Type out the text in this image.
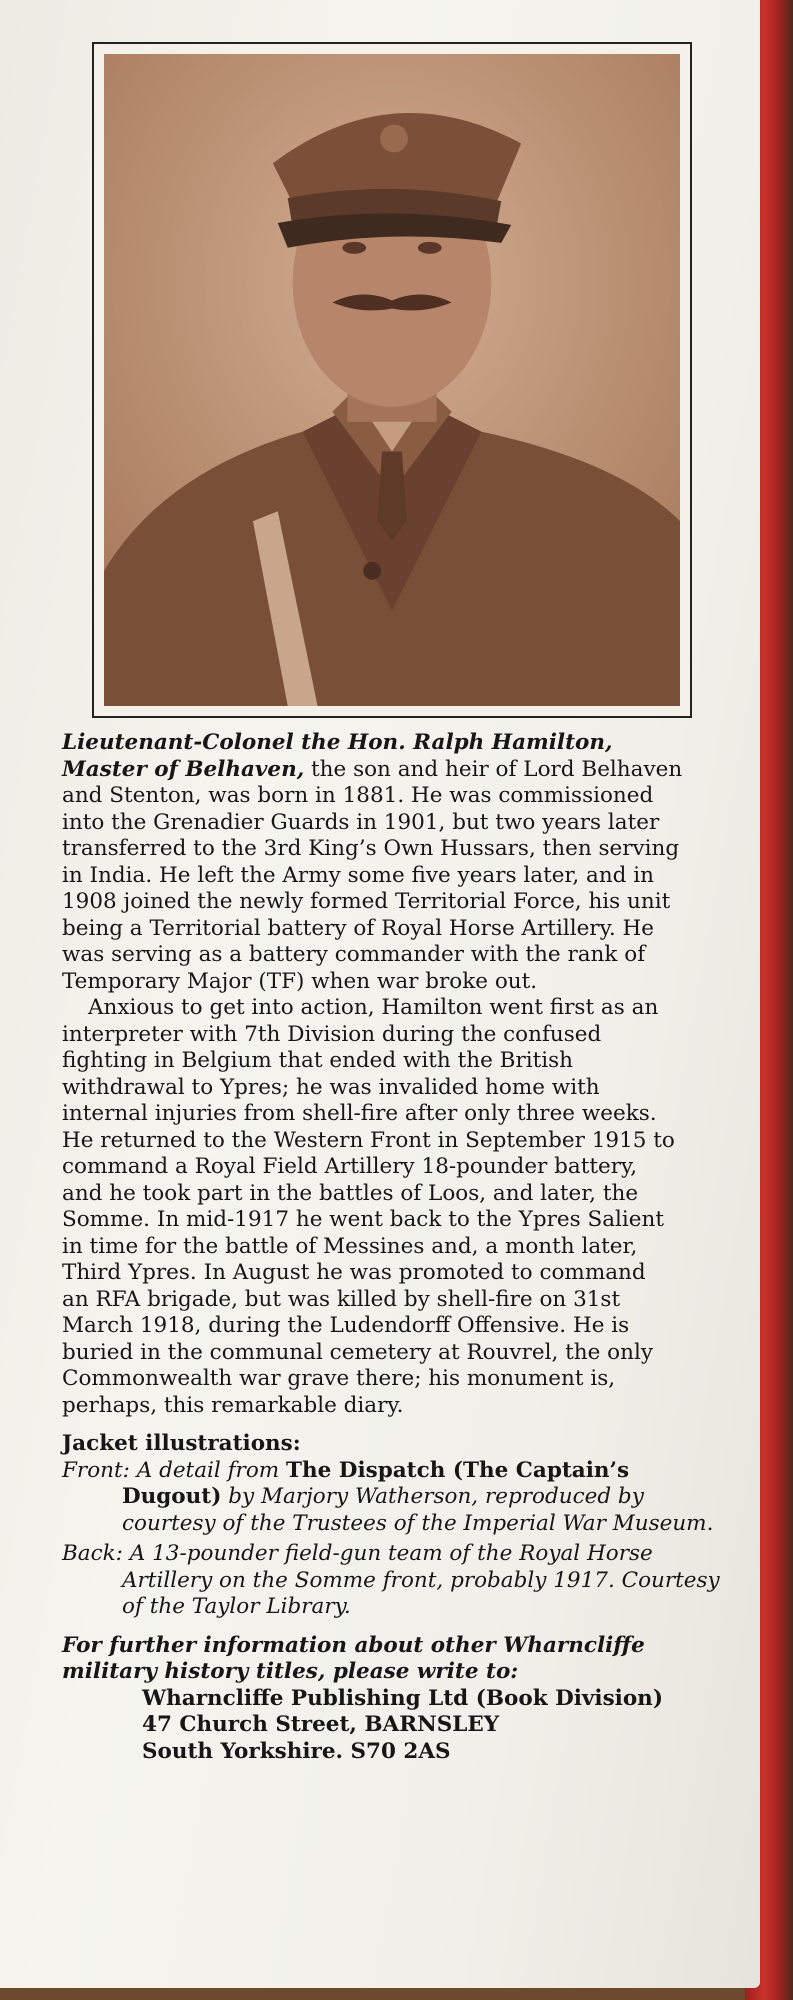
Lieutenant-Colonel the Hon. Ralph Hamilton,
Master of Belhaven, the son and heir of Lord Belhaven
and Stenton, was born in 1881. He was commissioned
into the Grenadier Guards in 1901, but two years later
transferred to the 3rd King’s Own Hussars, then serving
in India. He left the Army some five years later, and in
1908 joined the newly formed Territorial Force, his unit
being a Territorial battery of Royal Horse Artillery. He
was serving as a battery commander with the rank of
Temporary Major (TF) when war broke out.
Anxious to get into action, Hamilton went first as an
interpreter with 7th Division during the confused
fighting in Belgium that ended with the British
withdrawal to Ypres; he was invalided home with
internal injuries from shell-fire after only three weeks.
He returned to the Western Front in September 1915 to
command a Royal Field Artillery 18-pounder battery,
and he took part in the battles of Loos, and later, the
Somme. In mid-1917 he went back to the Ypres Salient
in time for the battle of Messines and, a month later,
Third Ypres. In August he was promoted to command
an RFA brigade, but was killed by shell-fire on 31st
March 1918, during the Ludendorff Offensive. He is
buried in the communal cemetery at Rouvrel, the only
Commonwealth war grave there; his monument is,
perhaps, this remarkable diary.
Jacket illustrations:
Front: A detail from The Dispatch (The Captain’s
Dugout) by Marjory Watherson, reproduced by
courtesy of the Trustees of the Imperial War Museum.
Back: A 13-pounder field-gun team of the Royal Horse
Artillery on the Somme front, probably 1917. Courtesy
of the Taylor Library.
For further information about other Wharncliffe
military history titles, please write to:
Wharncliffe Publishing Ltd (Book Division)
47 Church Street, BARNSLEY
South Yorkshire. S70 2AS
